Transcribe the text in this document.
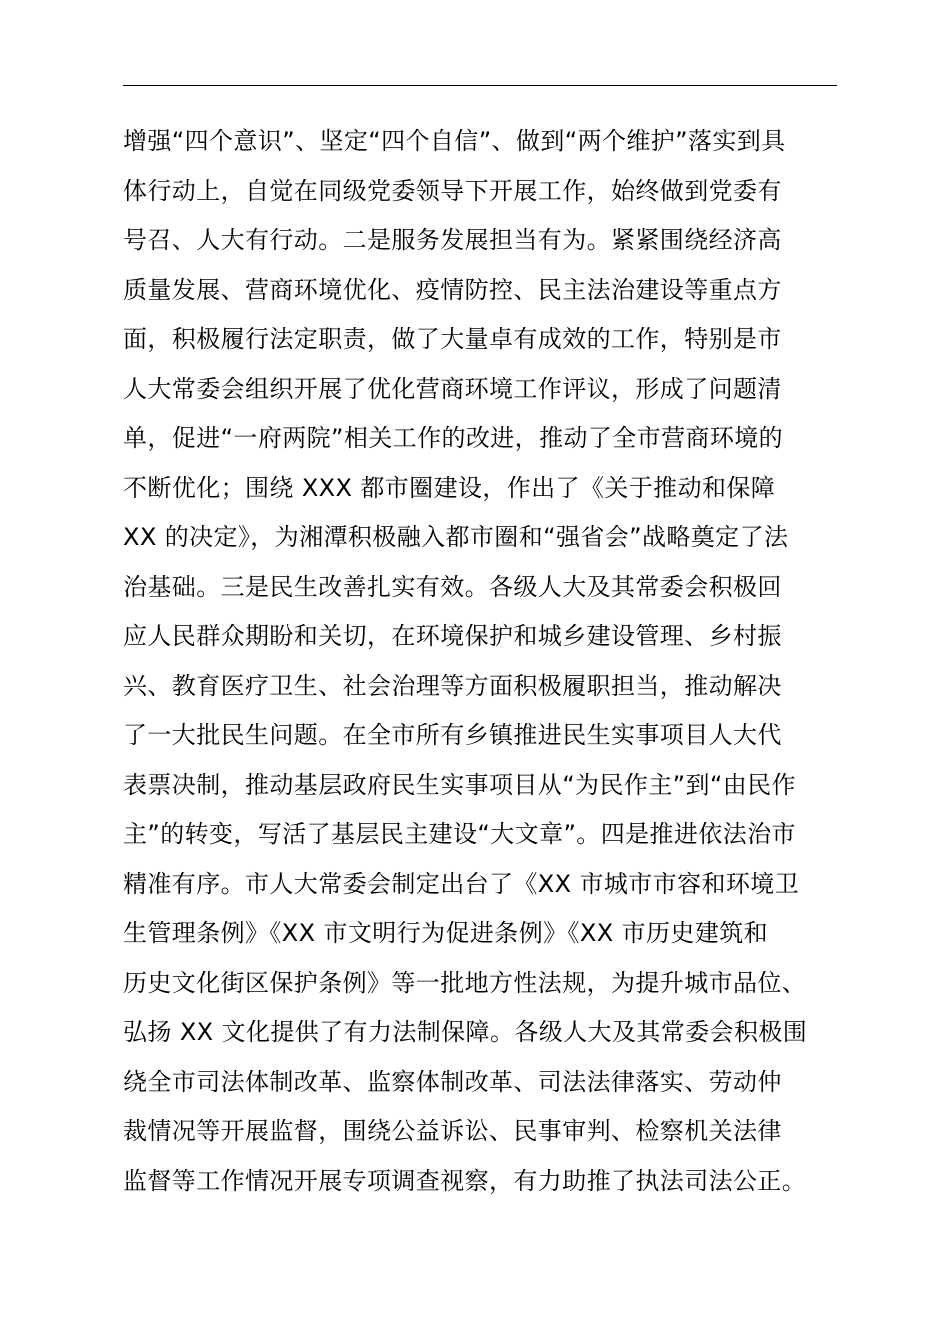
增强“四个意识”、坚定“四个自信”、做到“两个维护”落实到具
体行动上，自觉在同级党委领导下开展工作，始终做到党委有
号召、人大有行动。二是服务发展担当有为。紧紧围绕经济高
质量发展、营商环境优化、疫情防控、民主法治建设等重点方
面，积极履行法定职责，做了大量卓有成效的工作，特别是市
人大常委会组织开展了优化营商环境工作评议，形成了问题清
单，促进“一府两院”相关工作的改进，推动了全市营商环境的
不断优化；围绕 XXX 都市圈建设，作出了《关于推动和保障
XX 的决定》，为湘潭积极融入都市圈和“强省会”战略奠定了法
治基础。三是民生改善扎实有效。各级人大及其常委会积极回
应人民群众期盼和关切，在环境保护和城乡建设管理、乡村振
兴、教育医疗卫生、社会治理等方面积极履职担当，推动解决
了一大批民生问题。在全市所有乡镇推进民生实事项目人大代
表票决制，推动基层政府民生实事项目从“为民作主”到“由民作
主”的转变，写活了基层民主建设“大文章”。四是推进依法治市
精准有序。市人大常委会制定出台了《XX 市城市市容和环境卫
生管理条例》《XX 市文明行为促进条例》《XX 市历史建筑和
历史文化街区保护条例》等一批地方性法规，为提升城市品位、
弘扬 XX 文化提供了有力法制保障。各级人大及其常委会积极围
绕全市司法体制改革、监察体制改革、司法法律落实、劳动仲
裁情况等开展监督，围绕公益诉讼、民事审判、检察机关法律
监督等工作情况开展专项调查视察，有力助推了执法司法公正。
